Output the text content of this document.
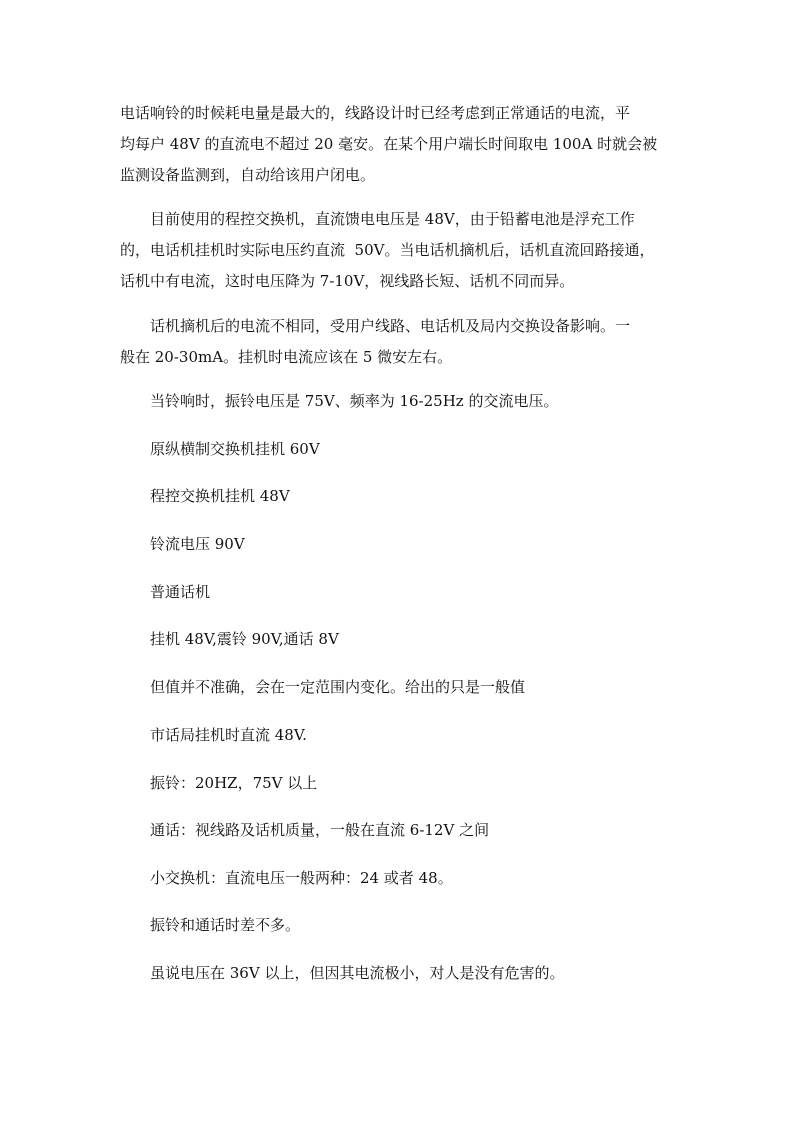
电话响铃的时候耗电量是最大的，线路设计时已经考虑到正常通话的电流，平
均每户 48V 的直流电不超过 20 毫安。在某个用户端长时间取电 100A 时就会被
监测设备监测到，自动给该用户闭电。
目前使用的程控交换机，直流馈电电压是 48V，由于铅蓄电池是浮充工作
的，电话机挂机时实际电压约直流  50V。当电话机摘机后，话机直流回路接通，
话机中有电流，这时电压降为 7-10V，视线路长短、话机不同而异。
话机摘机后的电流不相同，受用户线路、电话机及局内交换设备影响。一
般在 20-30mA。挂机时电流应该在 5 微安左右。
当铃响时，振铃电压是 75V、频率为 16-25Hz 的交流电压。
原纵横制交换机挂机 60V
程控交换机挂机 48V
铃流电压 90V
普通话机
挂机 48V,震铃 90V,通话 8V
但值并不准确，会在一定范围内变化。给出的只是一般值
市话局挂机时直流 48V.
振铃：20HZ，75V 以上
通话：视线路及话机质量，一般在直流 6-12V 之间
小交换机：直流电压一般两种：24 或者 48。
振铃和通话时差不多。
虽说电压在 36V 以上，但因其电流极小，对人是没有危害的。
